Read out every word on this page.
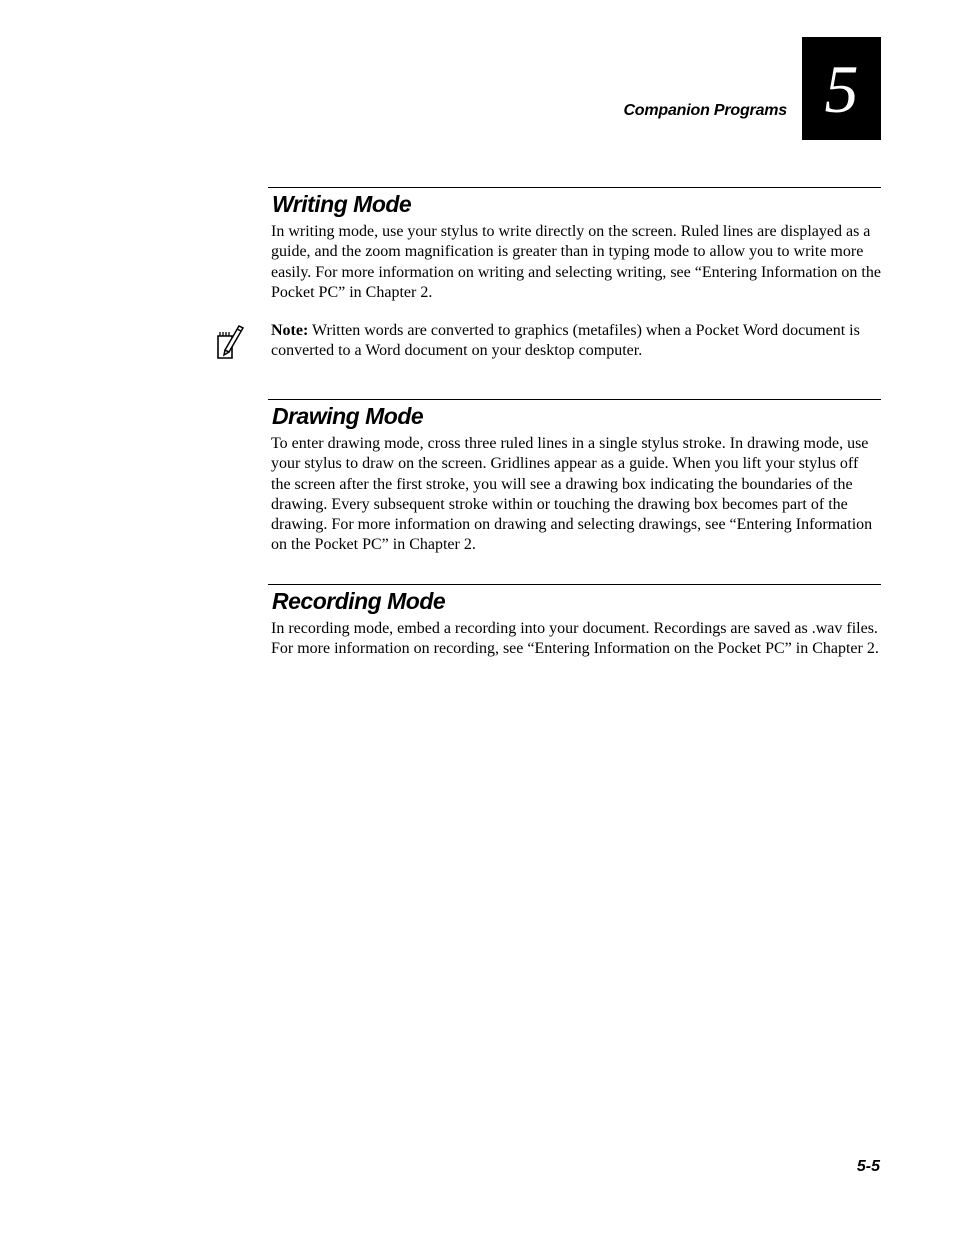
Companion Programs 5
Writing Mode

In writing mode, use your stylus to write directly on the screen. Ruled lines are displayed as a guide, and the zoom magnification is greater than in typing mode to allow you to write more easily. For more information on writing and selecting writing, see “Entering Information on the Pocket PC” in Chapter 2.

Note: Written words are converted to graphics (metafiles) when a Pocket Word document is converted to a Word document on your desktop computer.

Drawing Mode

To enter drawing mode, cross three ruled lines in a single stylus stroke. In drawing mode, use your stylus to draw on the screen. Gridlines appear as a guide. When you lift your stylus off the screen after the first stroke, you will see a drawing box indicating the boundaries of the drawing. Every subsequent stroke within or touching the drawing box becomes part of the drawing. For more information on drawing and selecting drawings, see “Entering Information on the Pocket PC” in Chapter 2.

Recording Mode

In recording mode, embed a recording into your document. Recordings are saved as .wav files. For more information on recording, see “Entering Information on the Pocket PC” in Chapter 2.

5-5
